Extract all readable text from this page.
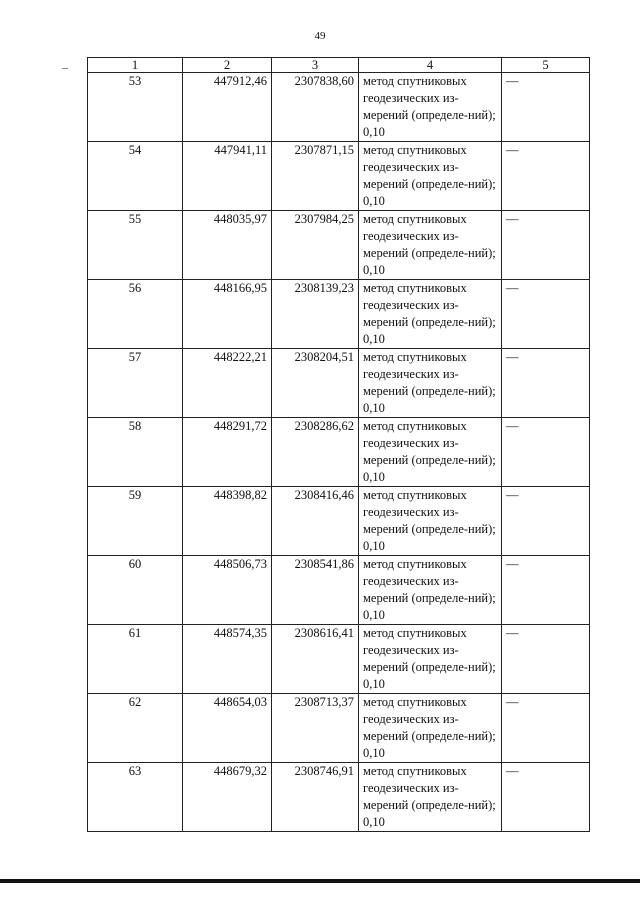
49
1	2	3	4	5
53	447912,46	2307838,60	метод спутниковых геодезических из-мерений (определе-ний); 0,10	—
54	447941,11	2307871,15	метод спутниковых геодезических из-мерений (определе-ний); 0,10	—
55	448035,97	2307984,25	метод спутниковых геодезических из-мерений (определе-ний); 0,10	—
56	448166,95	2308139,23	метод спутниковых геодезических из-мерений (определе-ний); 0,10	—
57	448222,21	2308204,51	метод спутниковых геодезических из-мерений (определе-ний); 0,10	—
58	448291,72	2308286,62	метод спутниковых геодезических из-мерений (определе-ний); 0,10	—
59	448398,82	2308416,46	метод спутниковых геодезических из-мерений (определе-ний); 0,10	—
60	448506,73	2308541,86	метод спутниковых геодезических из-мерений (определе-ний); 0,10	—
61	448574,35	2308616,41	метод спутниковых геодезических из-мерений (определе-ний); 0,10	—
62	448654,03	2308713,37	метод спутниковых геодезических из-мерений (определе-ний); 0,10	—
63	448679,32	2308746,91	метод спутниковых геодезических из-мерений (определе-ний); 0,10	—
